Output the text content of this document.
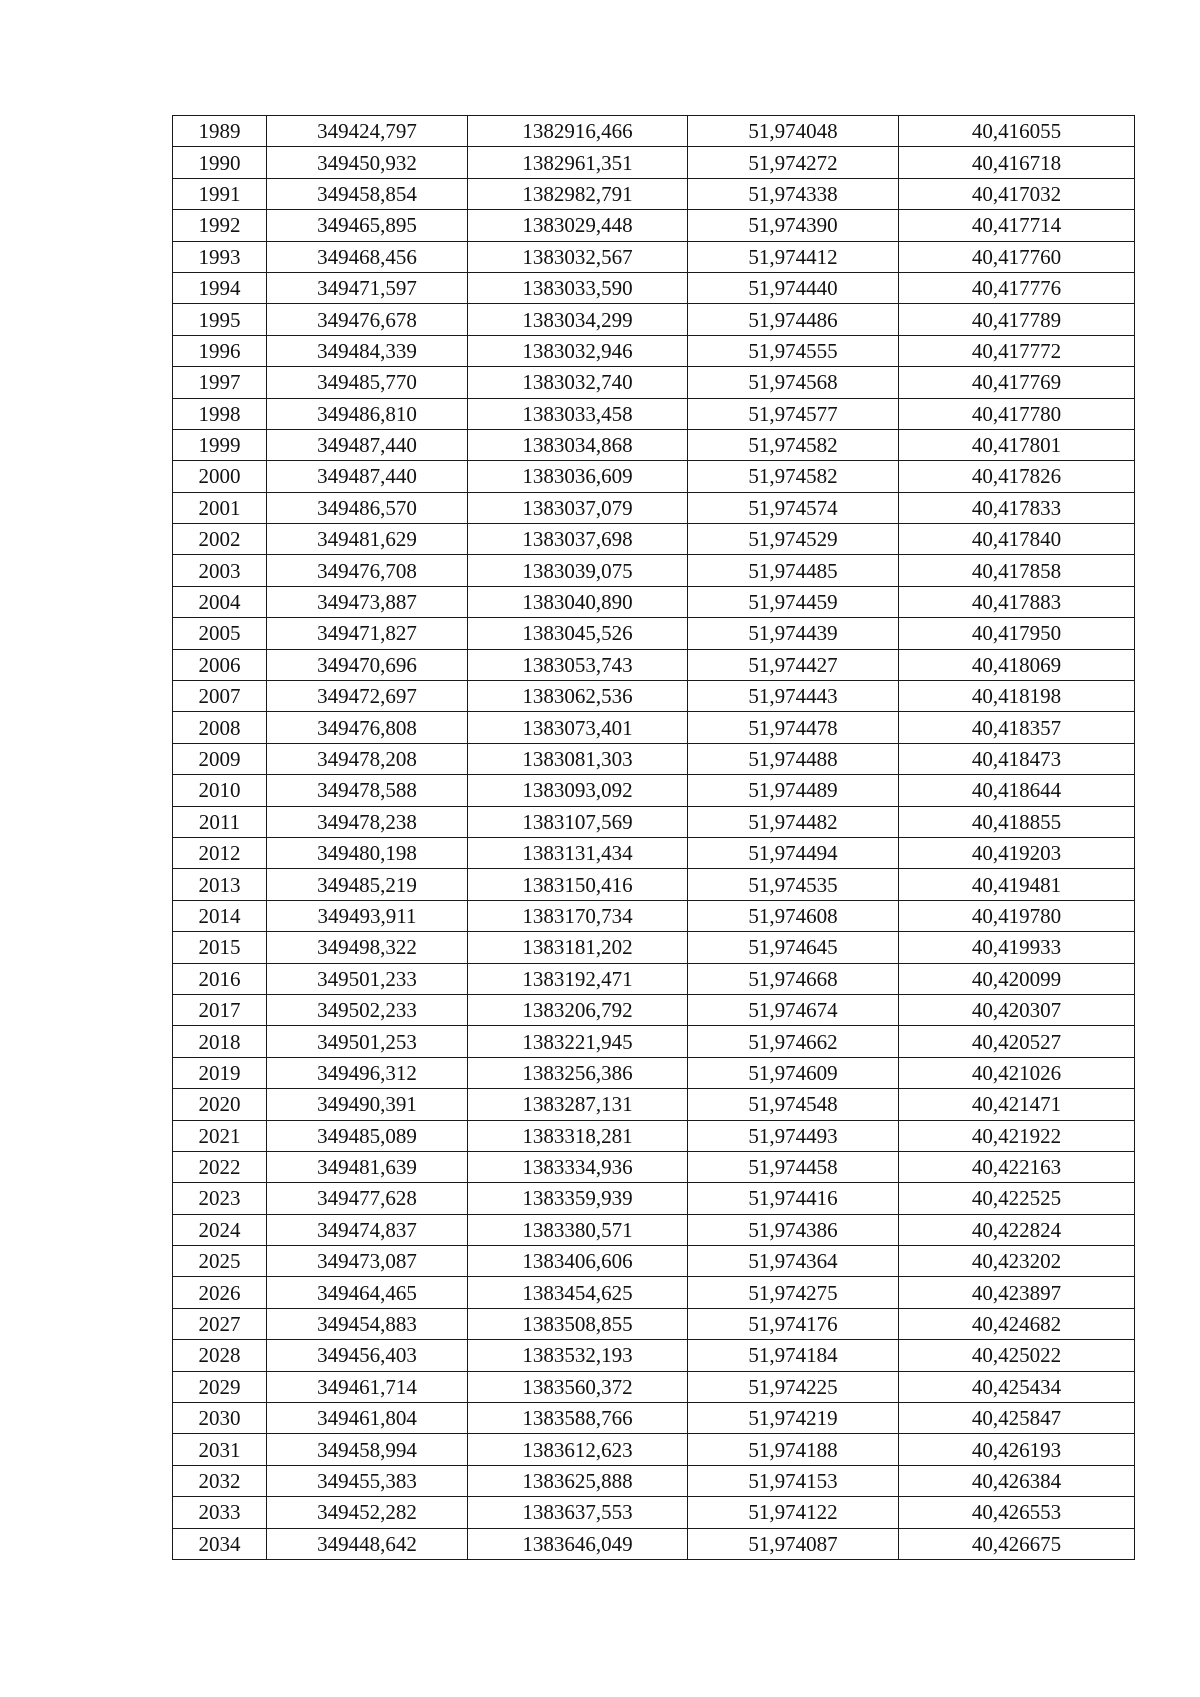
1989	349424,797	1382916,466	51,974048	40,416055
1990	349450,932	1382961,351	51,974272	40,416718
1991	349458,854	1382982,791	51,974338	40,417032
1992	349465,895	1383029,448	51,974390	40,417714
1993	349468,456	1383032,567	51,974412	40,417760
1994	349471,597	1383033,590	51,974440	40,417776
1995	349476,678	1383034,299	51,974486	40,417789
1996	349484,339	1383032,946	51,974555	40,417772
1997	349485,770	1383032,740	51,974568	40,417769
1998	349486,810	1383033,458	51,974577	40,417780
1999	349487,440	1383034,868	51,974582	40,417801
2000	349487,440	1383036,609	51,974582	40,417826
2001	349486,570	1383037,079	51,974574	40,417833
2002	349481,629	1383037,698	51,974529	40,417840
2003	349476,708	1383039,075	51,974485	40,417858
2004	349473,887	1383040,890	51,974459	40,417883
2005	349471,827	1383045,526	51,974439	40,417950
2006	349470,696	1383053,743	51,974427	40,418069
2007	349472,697	1383062,536	51,974443	40,418198
2008	349476,808	1383073,401	51,974478	40,418357
2009	349478,208	1383081,303	51,974488	40,418473
2010	349478,588	1383093,092	51,974489	40,418644
2011	349478,238	1383107,569	51,974482	40,418855
2012	349480,198	1383131,434	51,974494	40,419203
2013	349485,219	1383150,416	51,974535	40,419481
2014	349493,911	1383170,734	51,974608	40,419780
2015	349498,322	1383181,202	51,974645	40,419933
2016	349501,233	1383192,471	51,974668	40,420099
2017	349502,233	1383206,792	51,974674	40,420307
2018	349501,253	1383221,945	51,974662	40,420527
2019	349496,312	1383256,386	51,974609	40,421026
2020	349490,391	1383287,131	51,974548	40,421471
2021	349485,089	1383318,281	51,974493	40,421922
2022	349481,639	1383334,936	51,974458	40,422163
2023	349477,628	1383359,939	51,974416	40,422525
2024	349474,837	1383380,571	51,974386	40,422824
2025	349473,087	1383406,606	51,974364	40,423202
2026	349464,465	1383454,625	51,974275	40,423897
2027	349454,883	1383508,855	51,974176	40,424682
2028	349456,403	1383532,193	51,974184	40,425022
2029	349461,714	1383560,372	51,974225	40,425434
2030	349461,804	1383588,766	51,974219	40,425847
2031	349458,994	1383612,623	51,974188	40,426193
2032	349455,383	1383625,888	51,974153	40,426384
2033	349452,282	1383637,553	51,974122	40,426553
2034	349448,642	1383646,049	51,974087	40,426675
